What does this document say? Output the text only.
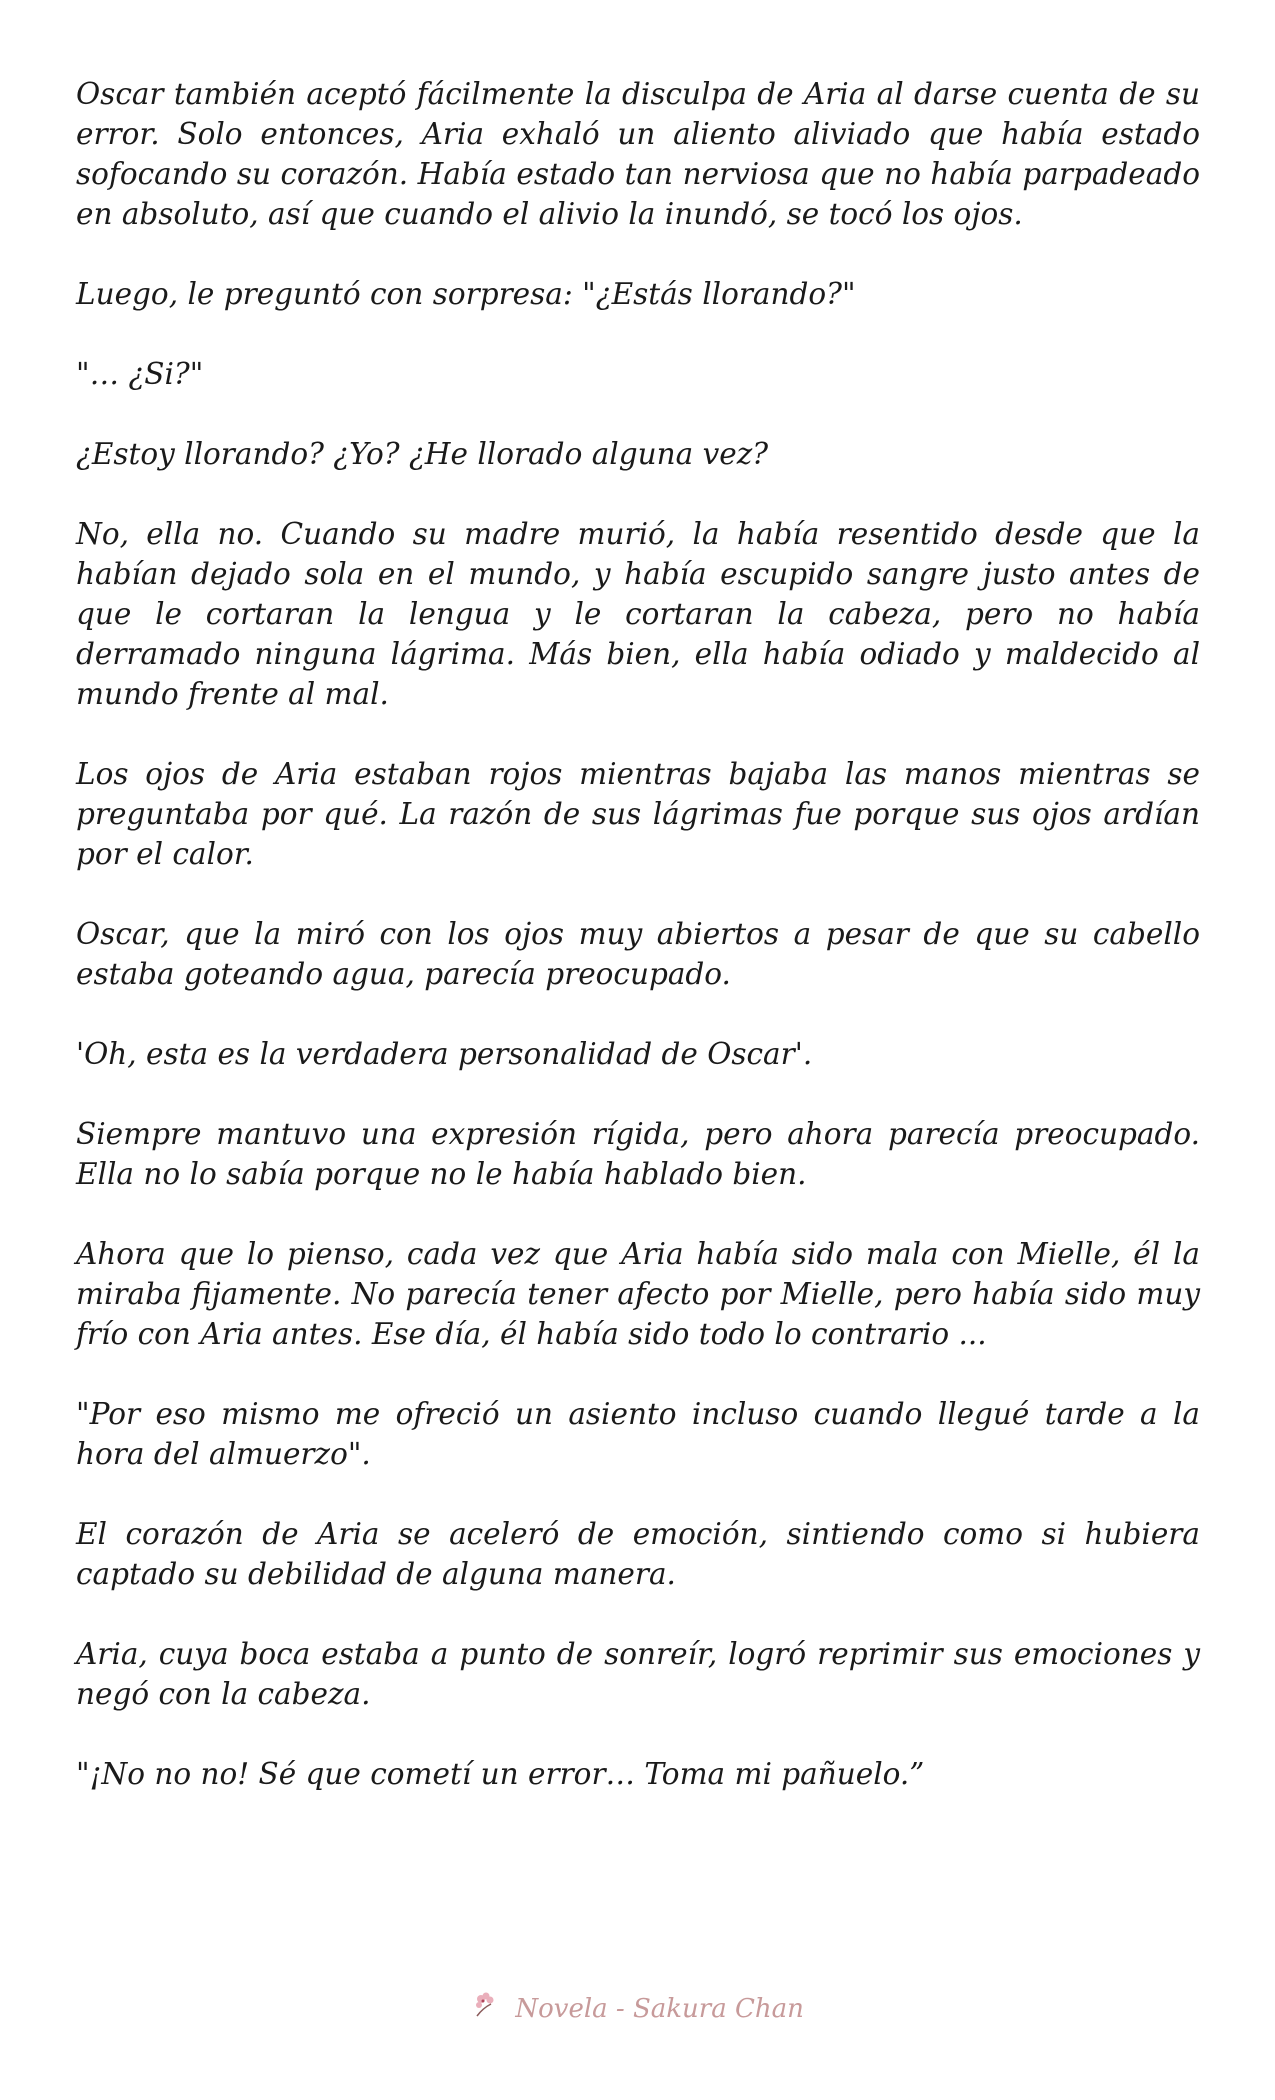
Oscar también aceptó fácilmente la disculpa de Aria al darse cuenta de su error. Solo entonces, Aria exhaló un aliento aliviado que había estado sofocando su corazón. Había estado tan nerviosa que no había parpadeado en absoluto, así que cuando el alivio la inundó, se tocó los ojos.

Luego, le preguntó con sorpresa: "¿Estás llorando?"

"… ¿Si?"

¿Estoy llorando? ¿Yo? ¿He llorado alguna vez?

No, ella no. Cuando su madre murió, la había resentido desde que la habían dejado sola en el mundo, y había escupido sangre justo antes de que le cortaran la lengua y le cortaran la cabeza, pero no había derramado ninguna lágrima. Más bien, ella había odiado y maldecido al mundo frente al mal.

Los ojos de Aria estaban rojos mientras bajaba las manos mientras se preguntaba por qué. La razón de sus lágrimas fue porque sus ojos ardían por el calor.

Oscar, que la miró con los ojos muy abiertos a pesar de que su cabello estaba goteando agua, parecía preocupado.

'Oh, esta es la verdadera personalidad de Oscar'.

Siempre mantuvo una expresión rígida, pero ahora parecía preocupado. Ella no lo sabía porque no le había hablado bien.

Ahora que lo pienso, cada vez que Aria había sido mala con Mielle, él la miraba fijamente. No parecía tener afecto por Mielle, pero había sido muy frío con Aria antes. Ese día, él había sido todo lo contrario ...

"Por eso mismo me ofreció un asiento incluso cuando llegué tarde a la hora del almuerzo".

El corazón de Aria se aceleró de emoción, sintiendo como si hubiera captado su debilidad de alguna manera.

Aria, cuya boca estaba a punto de sonreír, logró reprimir sus emociones y negó con la cabeza.

"¡No no no! Sé que cometí un error… Toma mi pañuelo.”

Novela - Sakura Chan
